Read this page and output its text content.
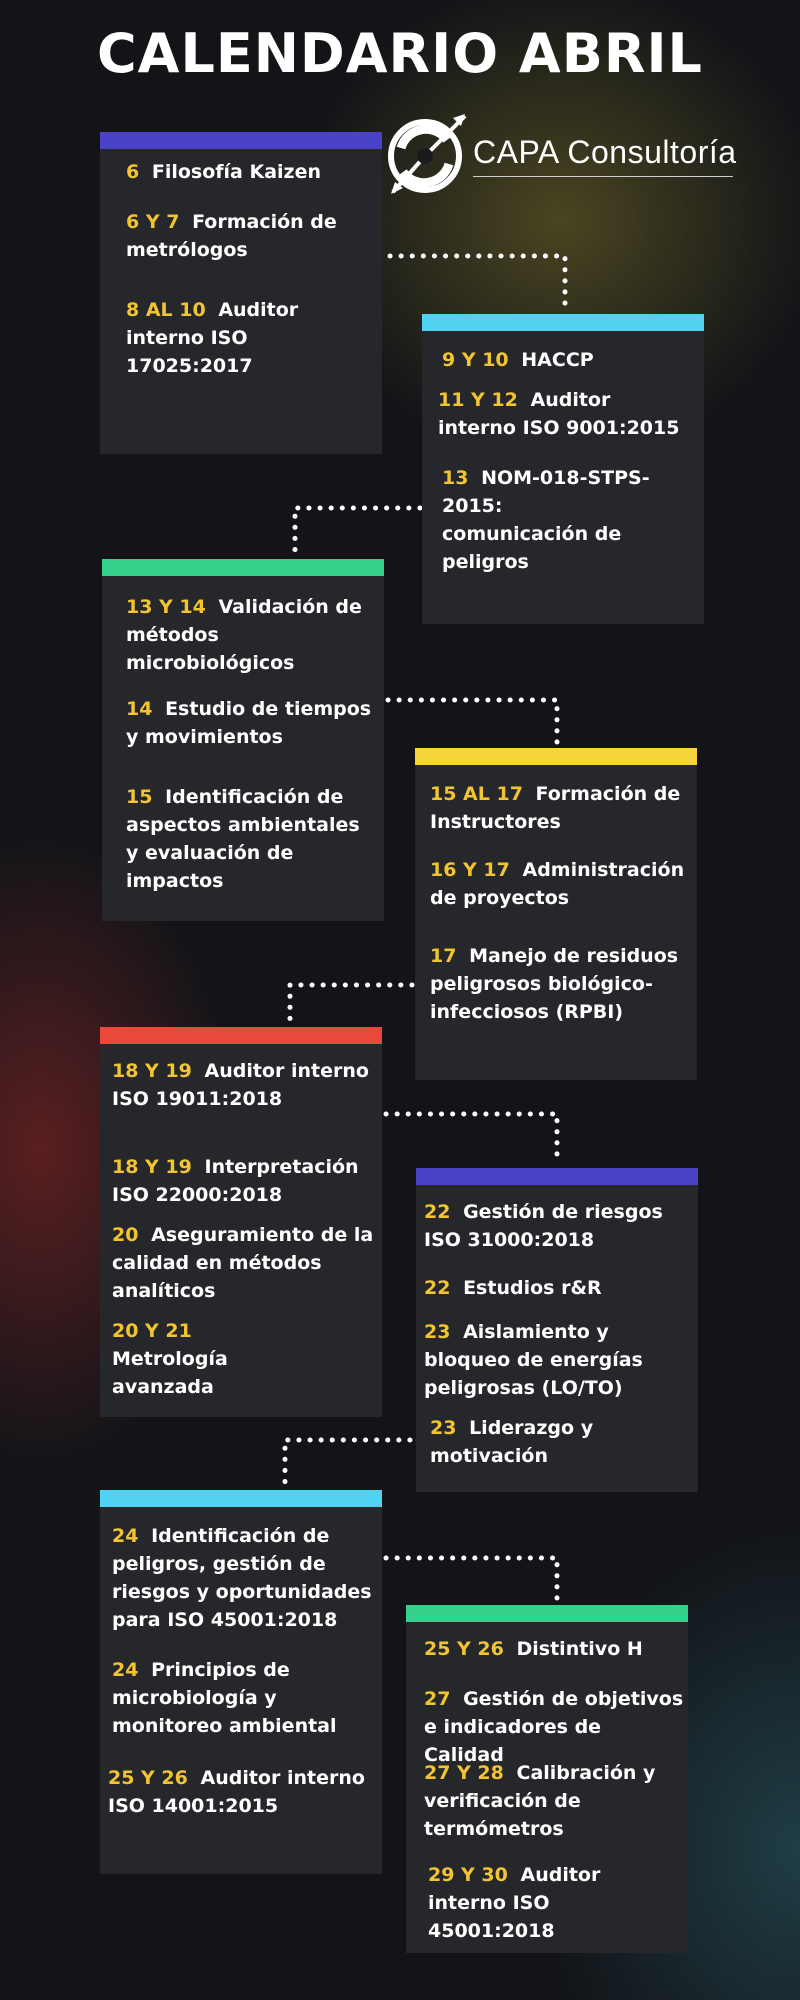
CALENDARIO ABRIL
CAPA Consultoría

6 Filosofía Kaizen

6 Y 7 Formación de metrólogos

8 AL 10 Auditor interno ISO 17025:2017	9 Y 10 HACCP

11 Y 12 Auditor interno ISO 9001:2015

13 NOM-018-STPS-2015: comunicación de peligros

13 Y 14 Validación de métodos microbiológicos

14 Estudio de tiempos y movimientos

15 Identificación de aspectos ambientales y evaluación de impactos

15 AL 17 Formación de Instructores

16 Y 17 Administración de proyectos

17 Manejo de residuos peligrosos biológico-infecciosos (RPBI)

18 Y 19 Auditor interno ISO 19011:2018

18 Y 19 Interpretación ISO 22000:2018

20 Aseguramiento de la calidad en métodos analíticos

20 Y 21 Metrología avanzada

22 Gestión de riesgos ISO 31000:2018

22 Estudios r&R

23 Aislamiento y bloqueo de energías peligrosas (LO/TO)

23 Liderazgo y motivación

24 Identificación de peligros, gestión de riesgos y oportunidades para ISO 45001:2018

24 Principios de microbiología y monitoreo ambiental

25 Y 26 Auditor interno ISO 14001:2015

25 Y 26 Distintivo H

27 Gestión de objetivos e indicadores de Calidad

27 Y 28 Calibración y verificación de termómetros

29 Y 30 Auditor interno ISO 45001:2018
